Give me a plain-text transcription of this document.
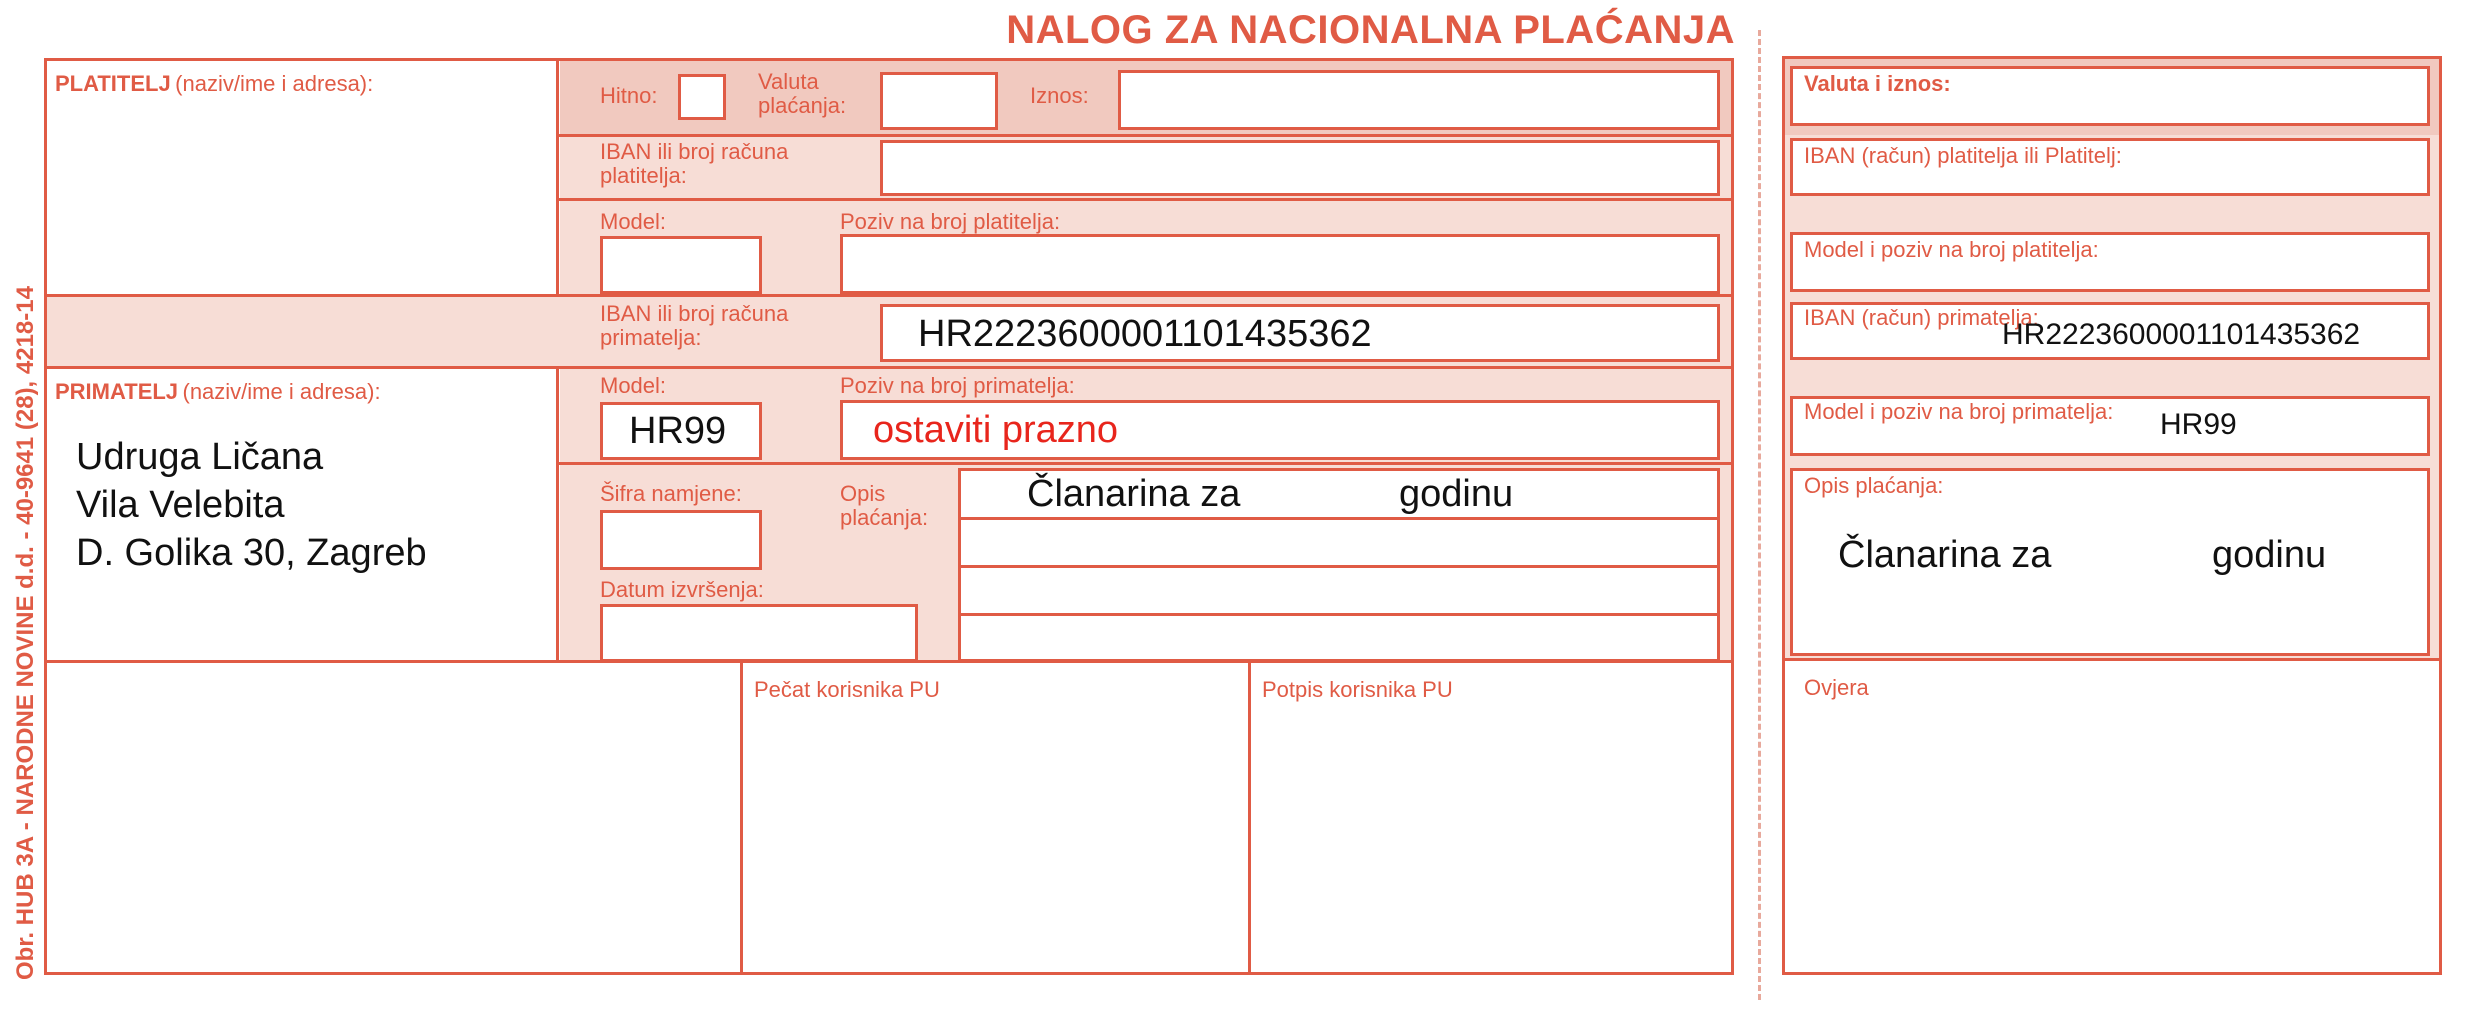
Obr. HUB 3A - NARODNE NOVINE d.d. - 40-9641 (28), 4218-14
NALOG ZA NACIONALNA PLAĆANJA
PLATITELJ (naziv/ime i adresa):	Hitno:
Valuta plaćanja:	Iznos:
IBAN ili broj računa platitelja:
Model:	Poziv na broj platitelja:
IBAN ili broj računa primatelja:	HR2223600001101435362
PRIMATELJ (naziv/ime i adresa):
Udruga Ličana
Vila Velebita
D. Golika 30, Zagreb
Model:
HR99
Poziv na broj primatelja:
ostaviti prazno
Šifra namjene:
Datum izvršenja:
Opis plaćanja:
Članarina za	godinu
Pečat korisnika PU	Potpis korisnika PU
Valuta i iznos:
IBAN (račun) platitelja ili Platitelj:
Model i poziv na broj platitelja:
IBAN (račun) primatelja:
HR2223600001101435362
Model i poziv na broj primatelja: HR99
Opis plaćanja:
Članarina za	godinu
Ovjera
